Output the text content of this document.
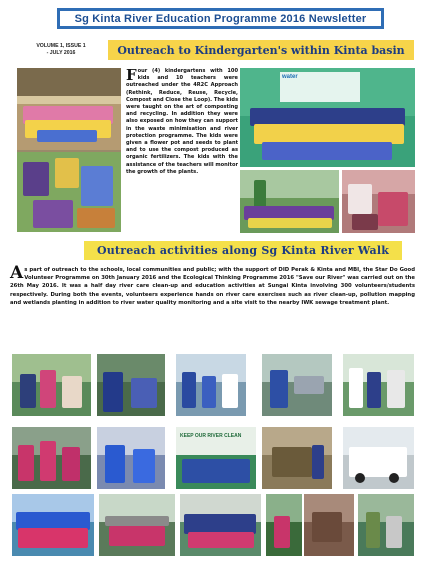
Sg Kinta River Education Programme 2016 Newsletter
VOLUME 1, ISSUE 1
- JULY 2016	Outreach to Kindergarten's within Kinta basin
Four (4) kindergartens with 100 kids and 10 teachers were outreached under the 4R2C Approach (Rethink, Reduce, Reuse, Recycle, Compost and Close the Loop). The kids were taught on the art of composting and recycling. In addition they were also exposed on how they can support in the waste minimisation and river protection programme. The kids were given a flower pot and seeds to plant and to use the compost produced as organic fertilizers. The kids with the assistance of the teachers will monitor the growth of the plants.
water
Outreach activities along Sg Kinta River Walk
As part of outreach to the schools, local communities and public; with the support of DID Perak & Kinta and MBI, the Star Do Good Volunteer Programme on 30th January 2016 and the Ecological Thinking Programme 2016 "Save our River" was carried out on the 26th May 2016. It was a half day river care clean-up and education activities at Sungai Kinta involving 300 volunteers/students respectively. During both the events, volunteers experience hands on river care exercises such as river clean-up, pollution mapping and wetlands planting in addition to river water quality monitoring and a site visit to the nearby IWK sewage treatment plant.
KEEP OUR RIVER CLEAN
